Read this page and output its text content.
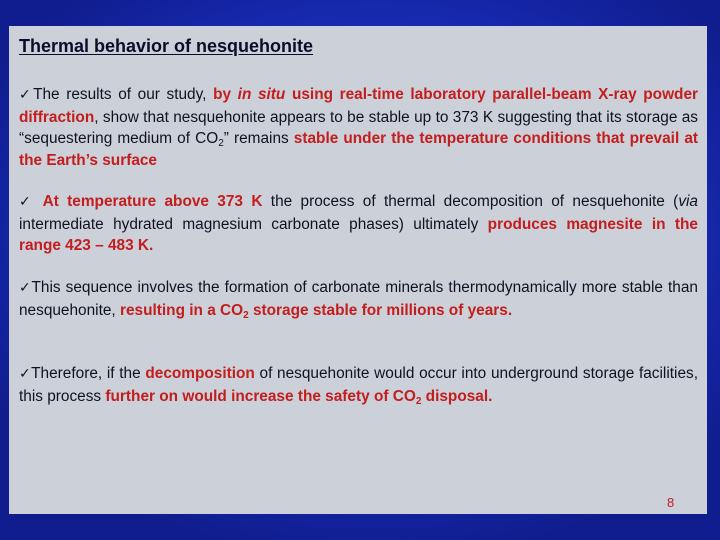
Thermal behavior of nesquehonite
✓The results of our study, by in situ using real-time laboratory parallel-beam X-ray powder diffraction, show that nesquehonite appears to be stable up to 373 K suggesting that its storage as “sequestering medium of $CO_2$” remains stable under the temperature conditions that prevail at the Earth’s surface
✓ At temperature above 373 K the process of thermal decomposition of nesquehonite (via intermediate hydrated magnesium carbonate phases) ultimately produces magnesite in the range 423 – 483 K.
✓This sequence involves the formation of carbonate minerals thermodynamically more stable than nesquehonite, resulting in a $CO_2$ storage stable for millions of years.
✓Therefore, if the decomposition of nesquehonite would occur into underground storage facilities, this process further on would increase the safety of $CO_2$ disposal.
8
